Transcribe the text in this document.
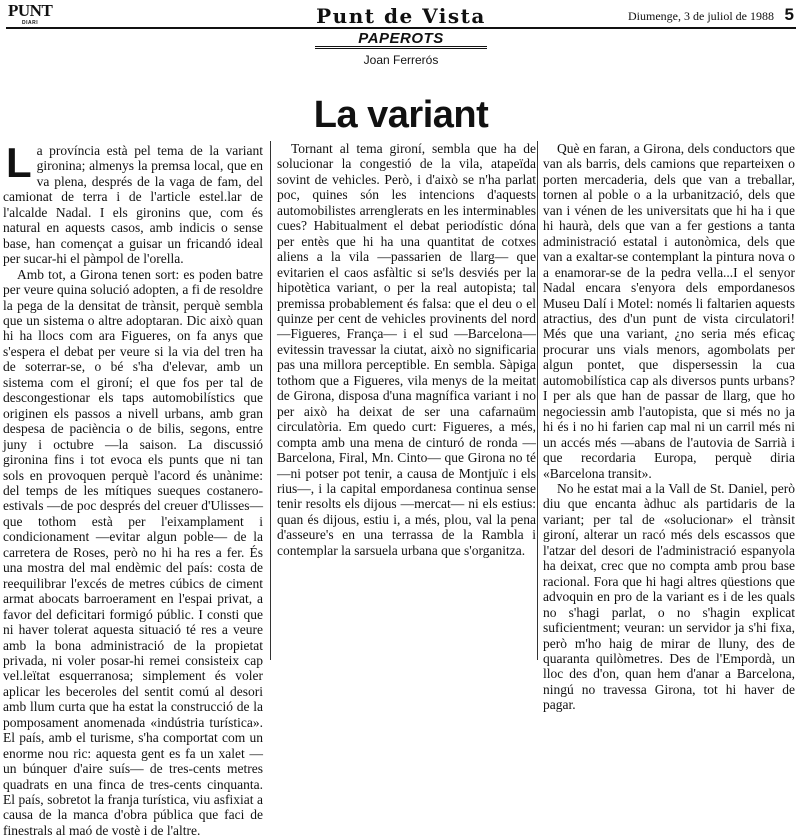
PUNT
DIARI	Punt de Vista	Diumenge, 3 de juliol de 1988 5
PAPEROTS
Joan Ferrerós
La variant
L a província està pel tema de la variant gironina; almenys la premsa local, que en va plena, després de la vaga de fam, del camionat de terra i de l'article estel.lar de l'alcalde Nadal. I els gironins que, com és natural en aquests casos, amb indicis o sense base, han començat a guisar un fricandó ideal per sucar-hi el pàmpol de l'orella.

Amb tot, a Girona tenen sort: es poden batre per veure quina solució adopten, a fi de resoldre la pega de la densitat de trànsit, perquè sembla que un sistema o altre adoptaran. Dic això quan hi ha llocs com ara Figueres, on fa anys que s'espera el debat per veure si la via del tren ha de soterrar-se, o bé s'ha d'elevar, amb un sistema com el gironí; el que fos per tal de descongestionar els taps automobilístics que originen els passos a nivell urbans, amb gran despesa de paciència o de bilis, segons, entre juny i octubre —la saison. La discussió gironina fins i tot evoca els punts que ni tan sols en provoquen perquè l'acord és unànime: del temps de les mítiques sueques costanero-estivals —de poc després del creuer d'Ulisses— que tothom està per l'eixamplament i condicionament —evitar algun poble— de la carretera de Roses, però no hi ha res a fer. És una mostra del mal endèmic del país: costa de reequilibrar l'excés de metres cúbics de ciment armat abocats barroerament en l'espai privat, a favor del deficitari formigó públic. I consti que ni haver tolerat aquesta situació té res a veure amb la bona administració de la propietat privada, ni voler posar-hi remei consisteix cap vel.leïtat esquerranosa; simplement és voler aplicar les beceroles del sentit comú al desori amb llum curta que ha estat la construcció de la pomposament anomenada «indústria turística». El país, amb el turisme, s'ha comportat com un enorme nou ric: aquesta gent es fa un xalet —un búnquer d'aire suís— de tres-cents metres quadrats en una finca de tres-cents cinquanta. El país, sobretot la franja turística, viu asfixiat a causa de la manca d'obra pública que faci de finestrals al maó de vostè i de l'altre.

Tornant al tema gironí, sembla que ha de solucionar la congestió de la vila, atapeïda sovint de vehicles. Però, i d'això se n'ha parlat poc, quines són les intencions d'aquests automobilistes arrenglerats en les interminables cues? Habitualment el debat periodístic dóna per entès que hi ha una quantitat de cotxes aliens a la vila —passarien de llarg— que evitarien el caos asfàltic si se'ls desviés per la hipotètica variant, o per la real autopista; tal premissa probablement és falsa: que el deu o el quinze per cent de vehicles provinents del nord —Figueres, França— i el sud —Barcelona— evitessin travessar la ciutat, això no significaria pas una millora perceptible. En sembla. Sàpiga tothom que a Figueres, vila menys de la meitat de Girona, disposa d'una magnífica variant i no per això ha deixat de ser una cafarnaüm circulatòria. Em quedo curt: Figueres, a més, compta amb una mena de cinturó de ronda —Barcelona, Firal, Mn. Cinto— que Girona no té —ni potser pot tenir, a causa de Montjuïc i els rius—, i la capital empordanesa continua sense tenir resolts els dijous —mercat— ni els estius: quan és dijous, estiu i, a més, plou, val la pena d'asseure's en una terrassa de la Rambla i contemplar la sarsuela urbana que s'organitza.

Què en faran, a Girona, dels conductors que van als barris, dels camions que reparteixen o porten mercaderia, dels que van a treballar, tornen al poble o a la urbanització, dels que van i vénen de les universitats que hi ha i que hi haurà, dels que van a fer gestions a tanta administració estatal i autonòmica, dels que van a exaltar-se contemplant la pintura nova o a enamorar-se de la pedra vella...I el senyor Nadal encara s'enyora dels empordanesos Museu Dalí i Motel: només li faltarien aquests atractius, des d'un punt de vista circulatori! Més que una variant, ¿no seria més eficaç procurar uns vials menors, agombolats per algun pontet, que dispersessin la cua automobilística cap als diversos punts urbans? I per als que han de passar de llarg, que ho negociessin amb l'autopista, que si més no ja hi és i no hi farien cap mal ni un carril més ni un accés més —abans de l'autovia de Sarrià i que recordaria Europa, perquè diria «Barcelona transit».

No he estat mai a la Vall de St. Daniel, però diu que encanta àdhuc als partidaris de la variant; per tal de «solucionar» el trànsit gironí, alterar un racó més dels escassos que l'atzar del desori de l'administració espanyola ha deixat, crec que no compta amb prou base racional. Fora que hi hagi altres qüestions que advoquin en pro de la variant es i de les quals no s'hagi parlat, o no s'hagin explicat suficientment; veuran: un servidor ja s'hi fixa, però m'ho haig de mirar de lluny, des de quaranta quilòmetres. Des de l'Empordà, un lloc des d'on, quan hem d'anar a Barcelona, ningú no travessa Girona, tot hi haver de pagar.
